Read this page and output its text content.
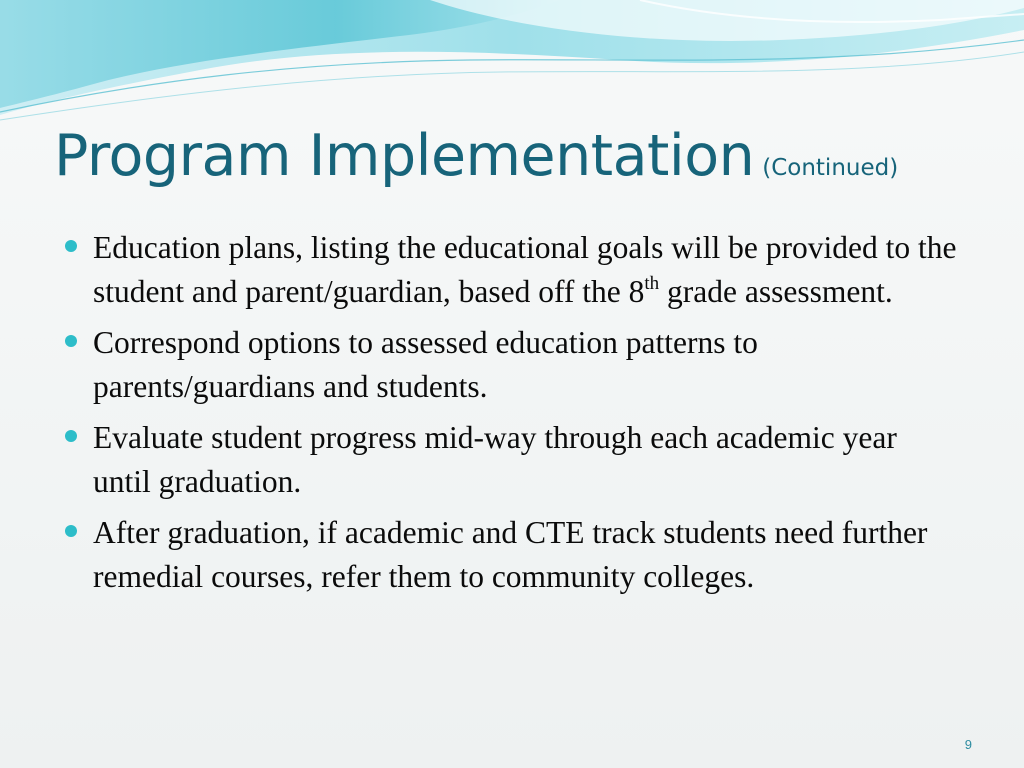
Program Implementation (Continued)
Education plans, listing the educational goals will be provided to the student and parent/guardian, based off the 8th grade assessment.
Correspond options to assessed education patterns to parents/guardians and students.
Evaluate student progress mid-way through each academic year until graduation.
After graduation, if academic and CTE track students need further remedial courses, refer them to community colleges.
9
